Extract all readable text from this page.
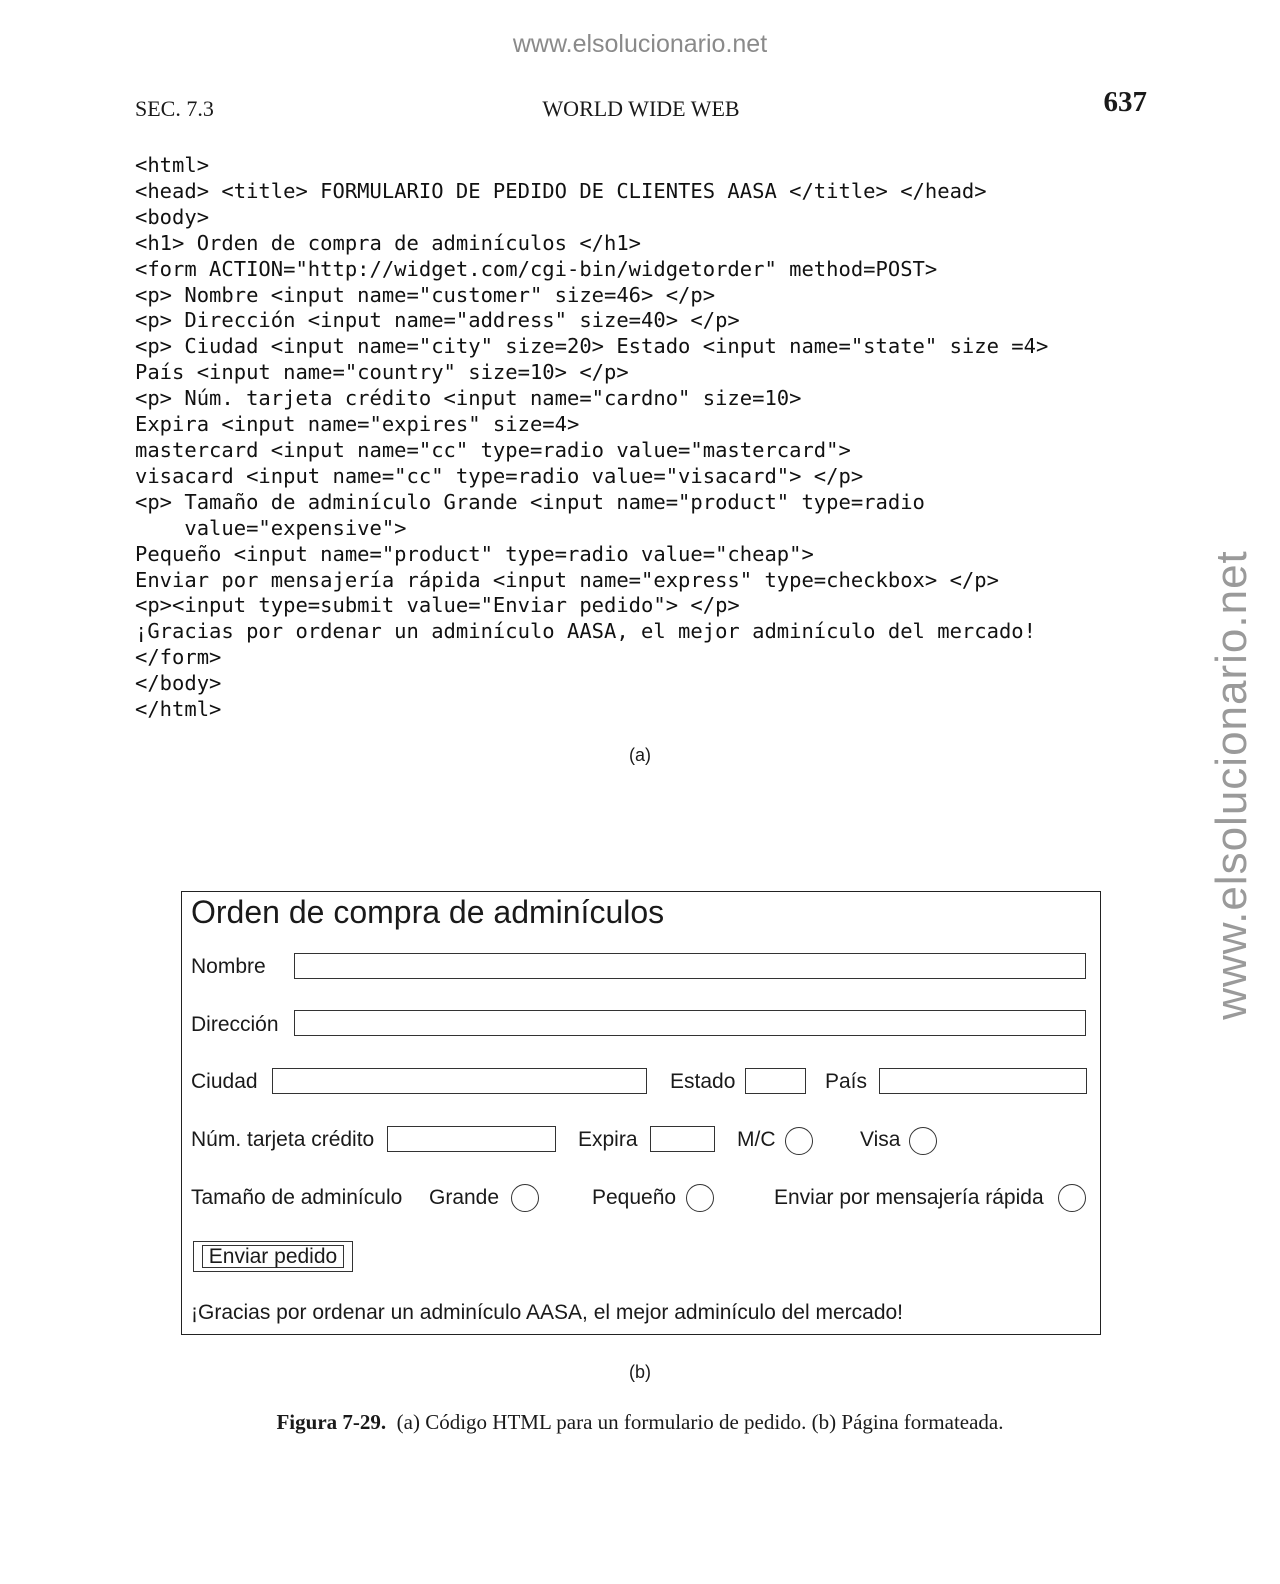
www.elsolucionario.net
www.elsolucionario.net
SEC. 7.3	WORLD WIDE WEB	637
<html>
<head> <title> FORMULARIO DE PEDIDO DE CLIENTES AASA </title> </head>
<body>
<h1> Orden de compra de adminículos </h1>
<form ACTION="http://widget.com/cgi-bin/widgetorder" method=POST>
<p> Nombre <input name="customer" size=46> </p>
<p> Dirección <input name="address" size=40> </p>
<p> Ciudad <input name="city" size=20> Estado <input name="state" size =4>
País <input name="country" size=10> </p>
<p> Núm. tarjeta crédito <input name="cardno" size=10>
Expira <input name="expires" size=4>
mastercard <input name="cc" type=radio value="mastercard">
visacard <input name="cc" type=radio value="visacard"> </p>
<p> Tamaño de adminículo Grande <input name="product" type=radio
value="expensive">
Pequeño <input name="product" type=radio value="cheap">
Enviar por mensajería rápida <input name="express" type=checkbox> </p>
<p><input type=submit value="Enviar pedido"> </p>
¡Gracias por ordenar un adminículo AASA, el mejor adminículo del mercado!
</form>
</body>
</html>
(a)
Orden de compra de adminículos
Nombre
Dirección
Ciudad	Estado	País
Núm. tarjeta crédito	Expira	M/C	Visa
Tamaño de adminículo Grande	Pequeño	Enviar por mensajería rápida
Enviar pedido
¡Gracias por ordenar un adminículo AASA, el mejor adminículo del mercado!
(b)
Figura 7-29. (a) Código HTML para un formulario de pedido. (b) Página formateada.
